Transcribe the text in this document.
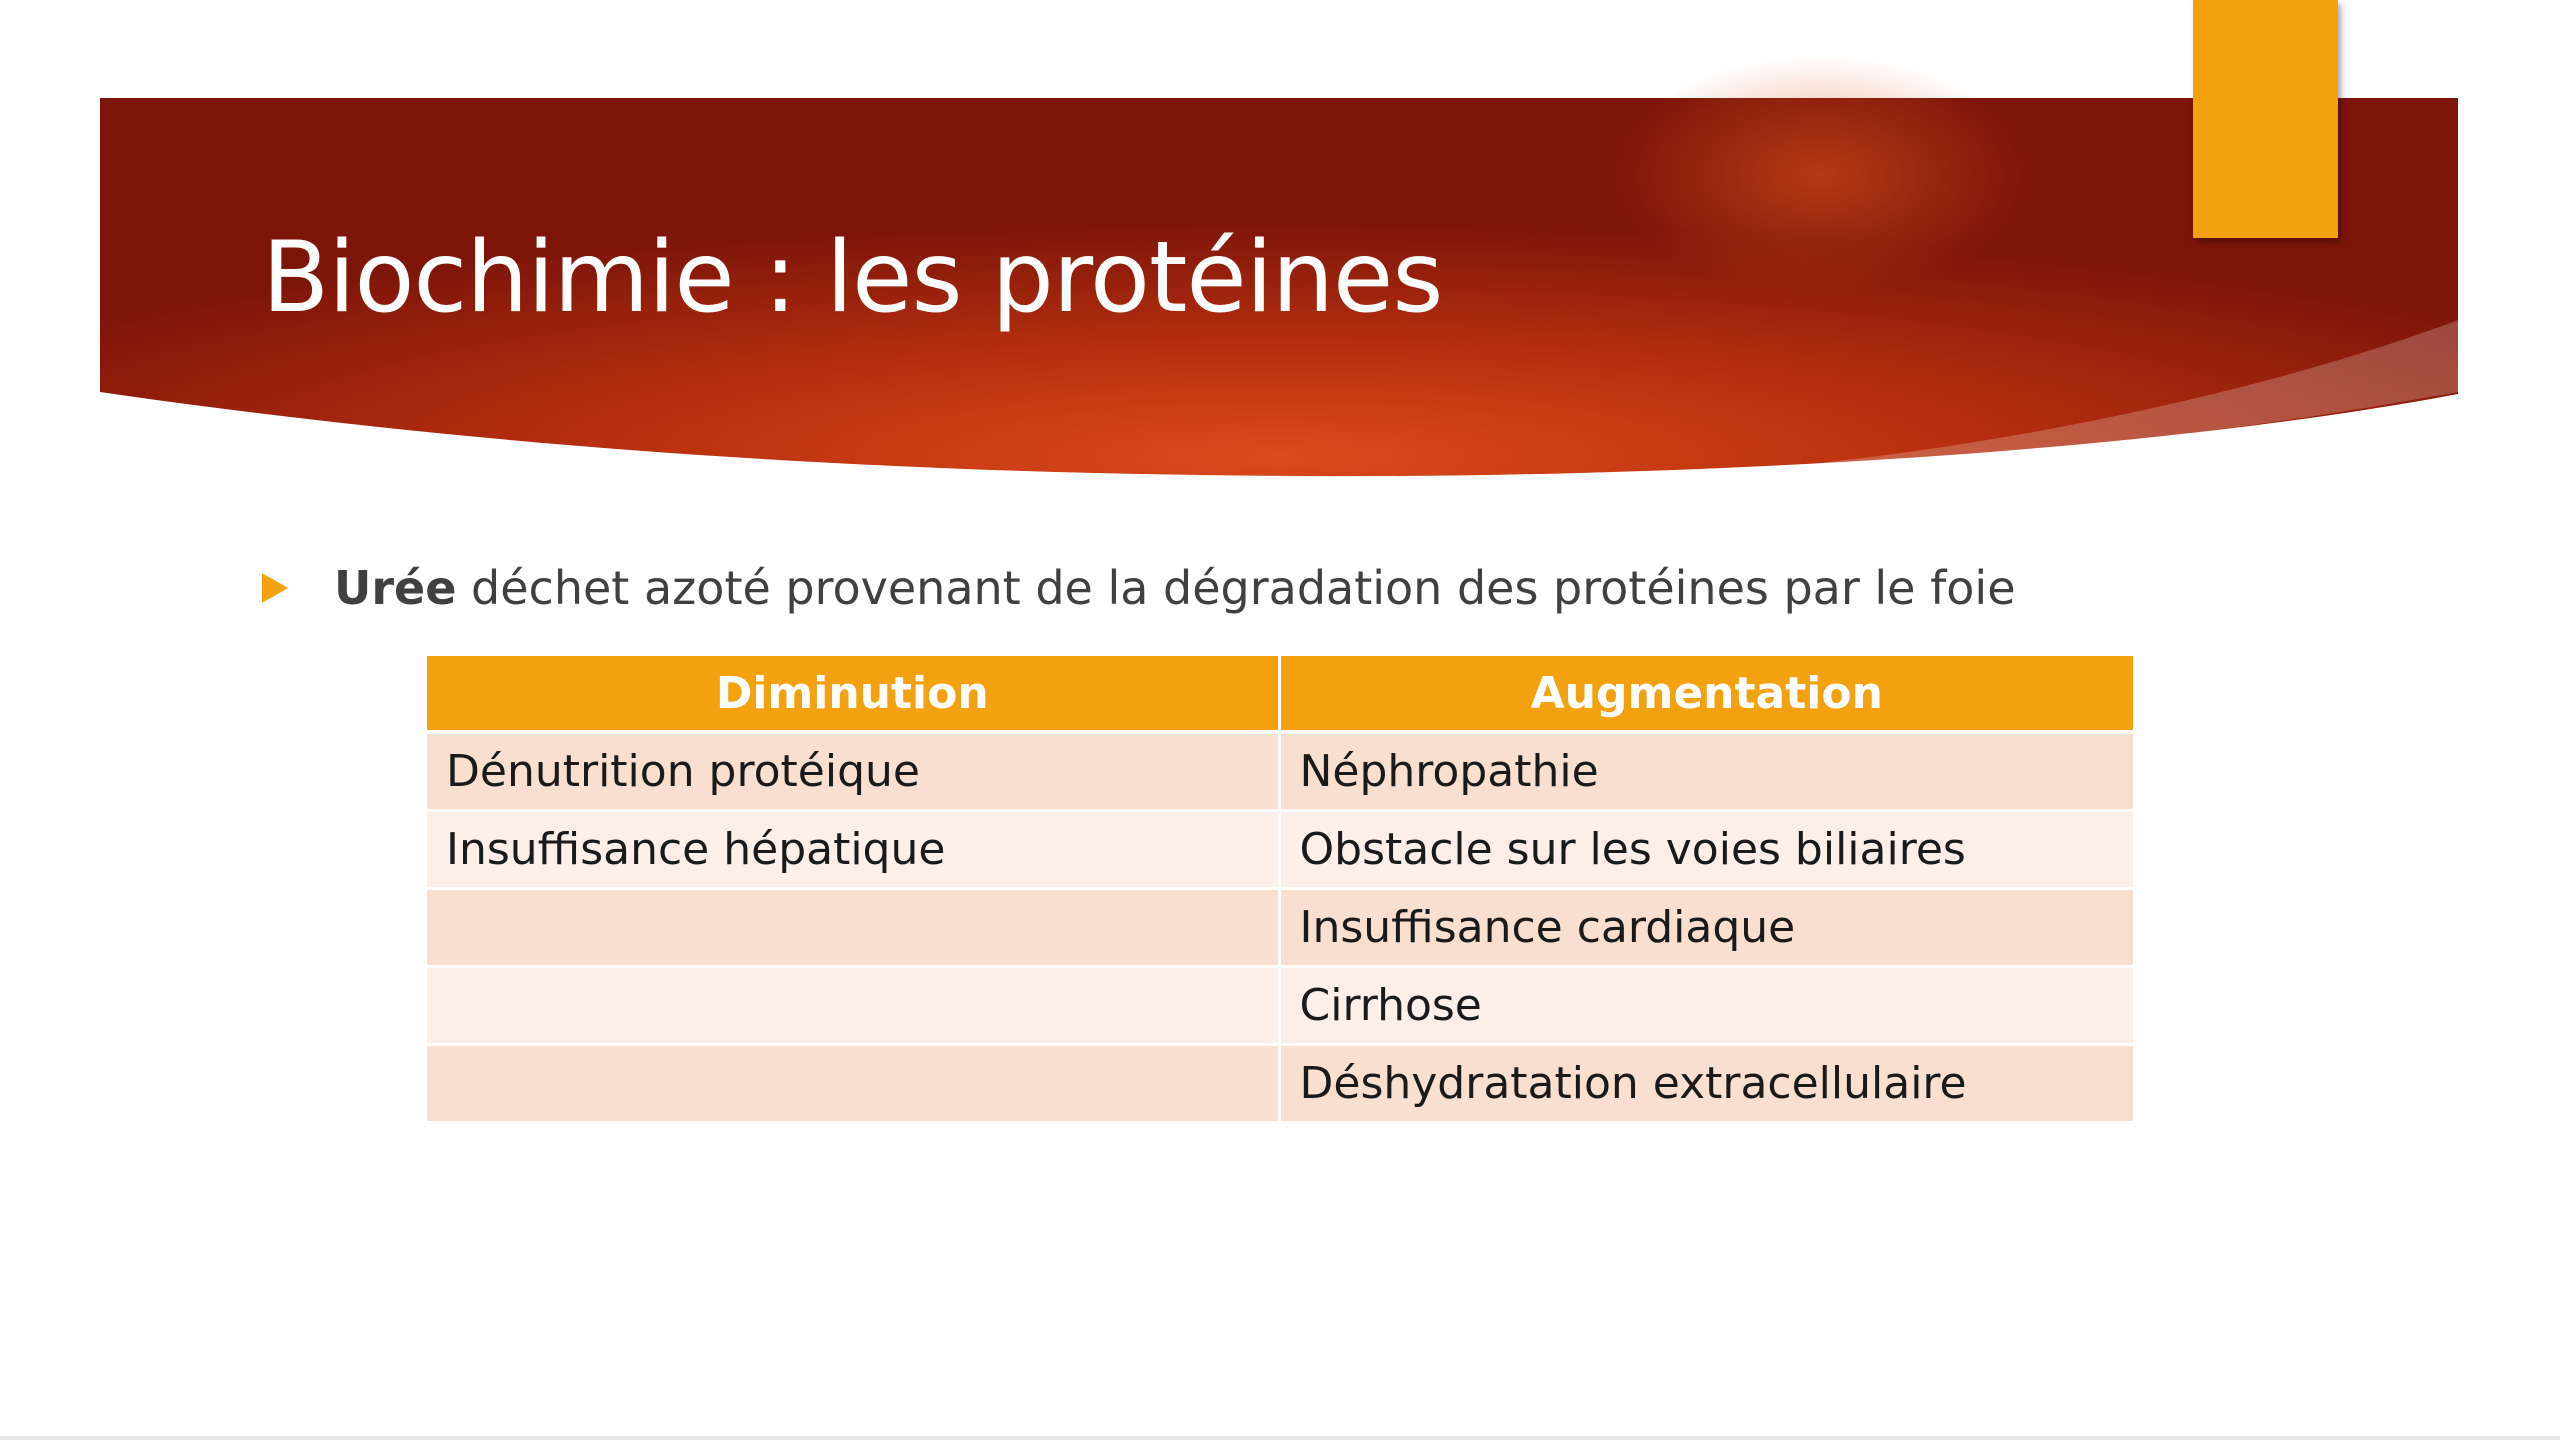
Biochimie : les protéines
Urée déchet azoté provenant de la dégradation des protéines par le foie
Diminution	Augmentation
Dénutrition protéique	Néphropathie
Insuffisance hépatique	Obstacle sur les voies biliaires
	Insuffisance cardiaque
	Cirrhose
	Déshydratation extracellulaire
